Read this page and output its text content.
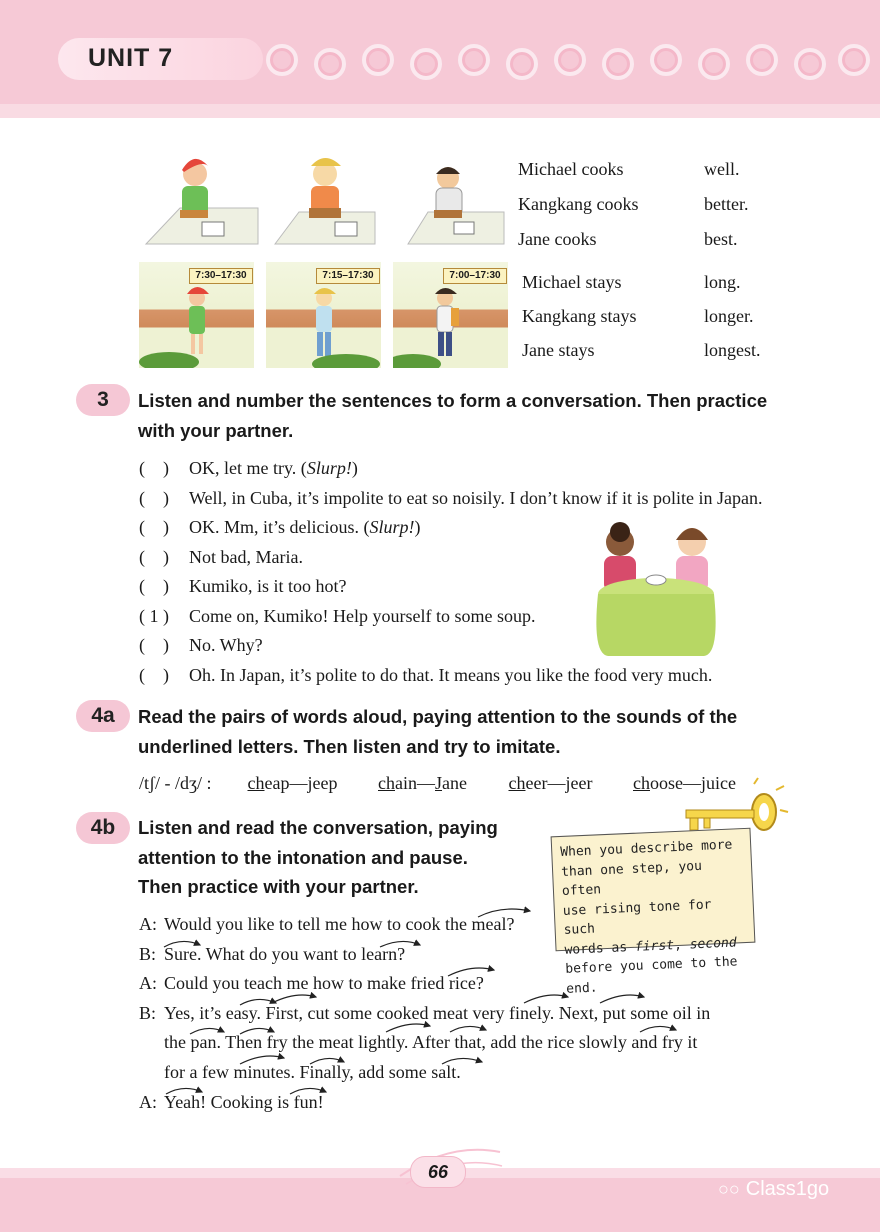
UNIT 7
7:30–17:30	7:15–17:30	7:00–17:30
Michael cooks	well.
Kangkang cooks	better.
Jane cooks	best.
Michael stays	long.
Kangkang stays	longer.
Jane stays	longest.
3	Listen and number the sentences to form a conversation. Then practice
with your partner.
( ) OK, let me try. (Slurp!)
( ) Well, in Cuba, it’s impolite to eat so noisily. I don’t know if it is polite in Japan.
( ) OK. Mm, it’s delicious. (Slurp!)
( ) Not bad, Maria.
( ) Kumiko, is it too hot?
( 1 ) Come on, Kumiko! Help yourself to some soup.
( ) No. Why?
( ) Oh. In Japan, it’s polite to do that. It means you like the food very much.
4a	Read the pairs of words aloud, paying attention to the sounds of the
underlined letters. Then listen and try to imitate.
/tʃ/ - /dʒ/ : cheap—jeep chain—Jane cheer—jeer choose—juice
4b	Listen and read the conversation, paying
attention to the intonation and pause.
Then practice with your partner.
When you describe more
than one step, you often
use rising tone for such
words as first, second
before you come to the end.
A: Would you like to tell me how to cook the meal?
B: Sure. What do you want to learn?
A: Could you teach me how to make fried rice?
B: Yes, it’s easy. First, cut some cooked meat very finely. Next, put some oil in
the pan. Then fry the meat lightly. After that, add the rice slowly and fry it
for a few minutes. Finally, add some salt.
A: Yeah! Cooking is fun!
66
○○ Class1go
